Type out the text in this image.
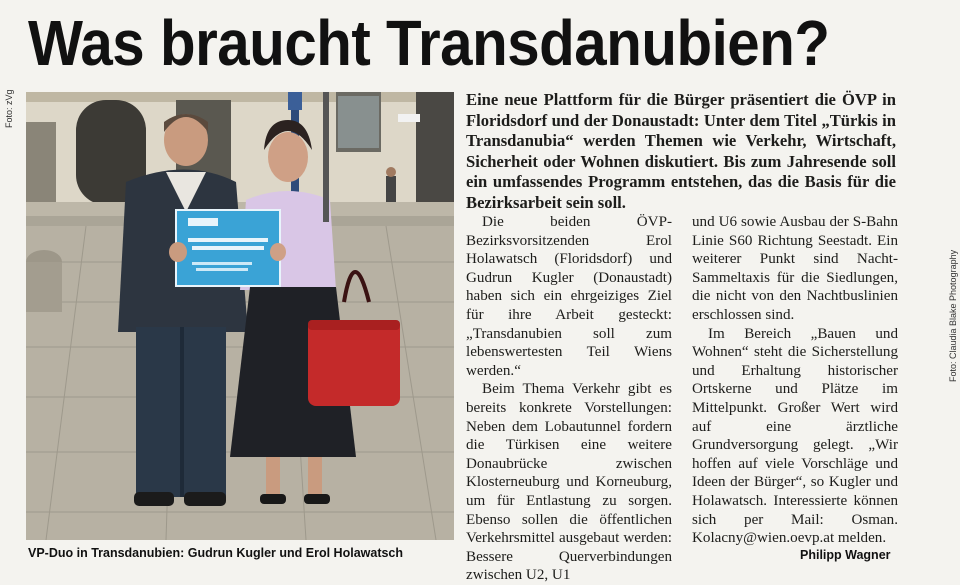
Was braucht Transdanubien?
Foto: zVg
VP-Duo in Transdanubien: Gudrun Kugler und Erol Holawatsch
Eine neue Plattform für die Bürger präsentiert die ÖVP in Floridsdorf und der Donaustadt: Unter dem Titel „Türkis in Transdanubia“ werden Themen wie Verkehr, Wirtschaft, Sicherheit oder Wohnen diskutiert. Bis zum Jahresende soll ein umfassendes Programm entstehen, das die Basis für die Bezirksarbeit sein soll.

Die beiden ÖVP-Bezirksvorsitzenden Erol Holawatsch (Floridsdorf) und Gudrun Kugler (Donaustadt) haben sich ein ehrgeiziges Ziel für ihre Arbeit gesteckt: „Transdanubien soll zum lebenswertesten Teil Wiens werden.“

Beim Thema Verkehr gibt es bereits konkrete Vorstellungen: Neben dem Lobautunnel fordern die Türkisen eine weitere Donaubrücke zwischen Klosterneuburg und Korneuburg, um für Entlastung zu sorgen. Ebenso sollen die öffentlichen Verkehrsmittel ausgebaut werden: Bessere Querverbindungen zwischen U2, U1

und U6 sowie Ausbau der S-Bahn Linie S60 Richtung Seestadt. Ein weiterer Punkt sind Nacht-Sammeltaxis für die Siedlungen, die nicht von den Nachtbuslinien erschlossen sind.

Im Bereich „Bauen und Wohnen“ steht die Sicherstellung und Erhaltung historischer Ortskerne und Plätze im Mittelpunkt. Großer Wert wird auf eine ärztliche Grundversorgung gelegt. „Wir hoffen auf viele Vorschläge und Ideen der Bürger“, so Kugler und Holawatsch. Interessierte können sich per Mail: Osman. Kolacny@wien.oevp.at melden.

Philipp Wagner
Foto: Claudia Blake Photography
